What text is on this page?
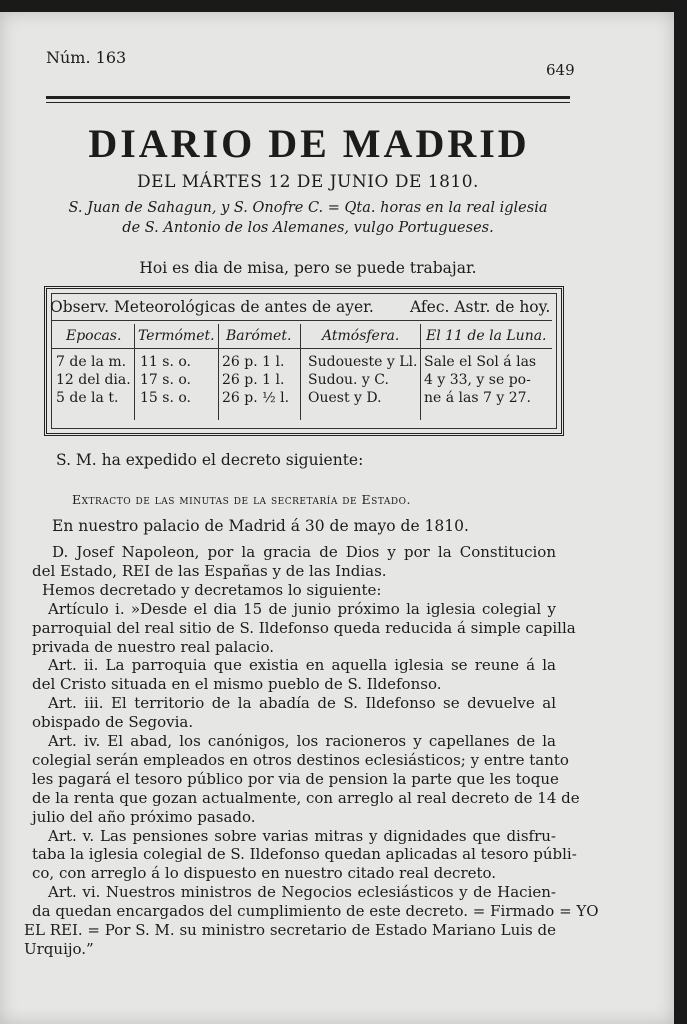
Núm. 163
649
DIARIO DE MADRID
DEL MÁRTES 12 DE JUNIO DE 1810.
S. Juan de Sahagun, y S. Onofre C. = Qta. horas en la real iglesia
de S. Antonio de los Alemanes, vulgo Portugueses.
Hoi es dia de misa, pero se puede trabajar.
Observ. Meteorológicas de antes de ayer. Afec. Astr. de hoy.
Epocas. Termómet. Barómet. Atmósfera. El 11 de la Luna.
7 de la m. 11 s. o. 26 p. 1 l. Sudoueste y Ll.
12 del dia. 17 s. o. 26 p. 1 l. Sudou. y C.
5 de la t. 15 s. o. 26 p. ½ l. Ouest y D.
Sale el Sol á las
4 y 33, y se po-
ne á las 7 y 27.
S. M. ha expedido el decreto siguiente:
Extracto de las minutas de la secretaría de Estado.
En nuestro palacio de Madrid á 30 de mayo de 1810.
D. Josef Napoleon, por la gracia de Dios y por la Constitucion
del Estado, REI de las Españas y de las Indias.
Hemos decretado y decretamos lo siguiente:
Artículo i. »Desde el dia 15 de junio próximo la iglesia colegial y
parroquial del real sitio de S. Ildefonso queda reducida á simple capilla
privada de nuestro real palacio.
Art. ii. La parroquia que existia en aquella iglesia se reune á la
del Cristo situada en el mismo pueblo de S. Ildefonso.
Art. iii. El territorio de la abadía de S. Ildefonso se devuelve al
obispado de Segovia.
Art. iv. El abad, los canónigos, los racioneros y capellanes de la
colegial serán empleados en otros destinos eclesiásticos; y entre tanto
les pagará el tesoro público por via de pension la parte que les toque
de la renta que gozan actualmente, con arreglo al real decreto de 14 de
julio del año próximo pasado.
Art. v. Las pensiones sobre varias mitras y dignidades que disfru-
taba la iglesia colegial de S. Ildefonso quedan aplicadas al tesoro públi-
co, con arreglo á lo dispuesto en nuestro citado real decreto.
Art. vi. Nuestros ministros de Negocios eclesiásticos y de Hacien-
da quedan encargados del cumplimiento de este decreto. = Firmado = YO
EL REI. = Por S. M. su ministro secretario de Estado Mariano Luis de
Urquijo.”
